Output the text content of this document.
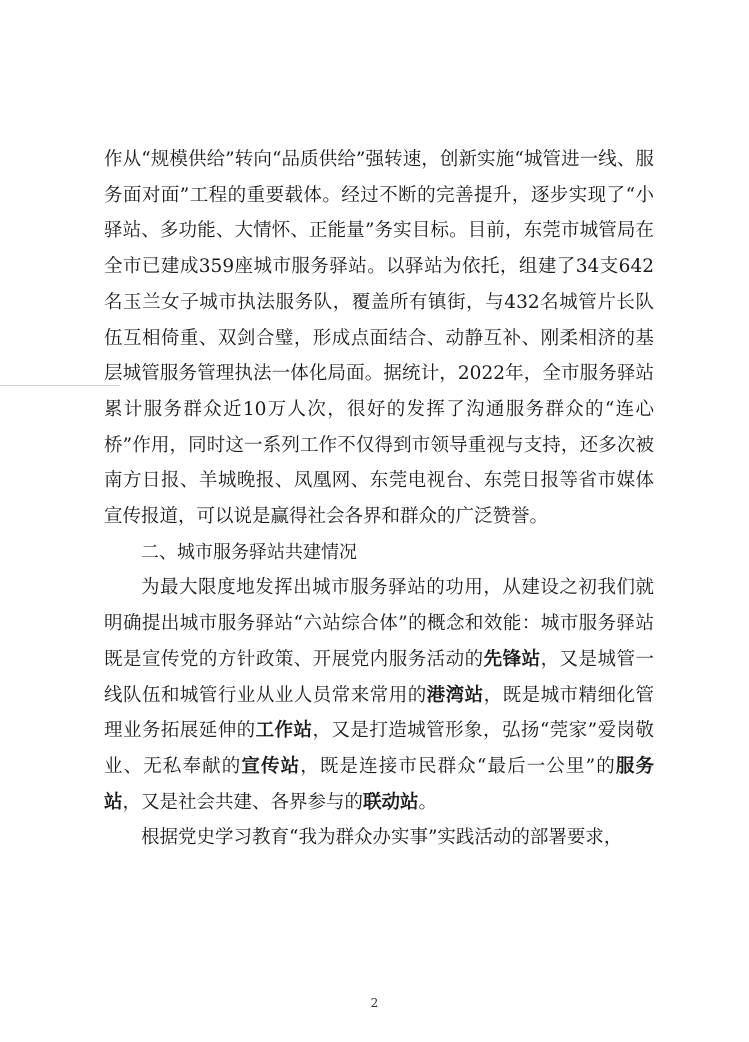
作从“规模供给”转向“品质供给”强转速，创新实施“城管进一线、服务面对面”工程的重要载体。经过不断的完善提升，逐步实现了“小驿站、多功能、大情怀、正能量”务实目标。目前，东莞市城管局在全市已建成359座城市服务驿站。以驿站为依托，组建了34支642名玉兰女子城市执法服务队，覆盖所有镇街，与432名城管片长队伍互相倚重、双剑合璧，形成点面结合、动静互补、刚柔相济的基层城管服务管理执法一体化局面。据统计，2022年，全市服务驿站累计服务群众近10万人次，很好的发挥了沟通服务群众的“连心桥”作用，同时这一系列工作不仅得到市领导重视与支持，还多次被南方日报、羊城晚报、凤凰网、东莞电视台、东莞日报等省市媒体宣传报道，可以说是赢得社会各界和群众的广泛赞誉。

二、城市服务驿站共建情况

为最大限度地发挥出城市服务驿站的功用，从建设之初我们就明确提出城市服务驿站“六站综合体”的概念和效能：城市服务驿站既是宣传党的方针政策、开展党内服务活动的先锋站，又是城管一线队伍和城管行业从业人员常来常用的港湾站，既是城市精细化管理业务拓展延伸的工作站，又是打造城管形象，弘扬“莞家”爱岗敬业、无私奉献的宣传站，既是连接市民群众“最后一公里”的服务站，又是社会共建、各界参与的联动站。

根据党史学习教育“我为群众办实事”实践活动的部署要求，

2
